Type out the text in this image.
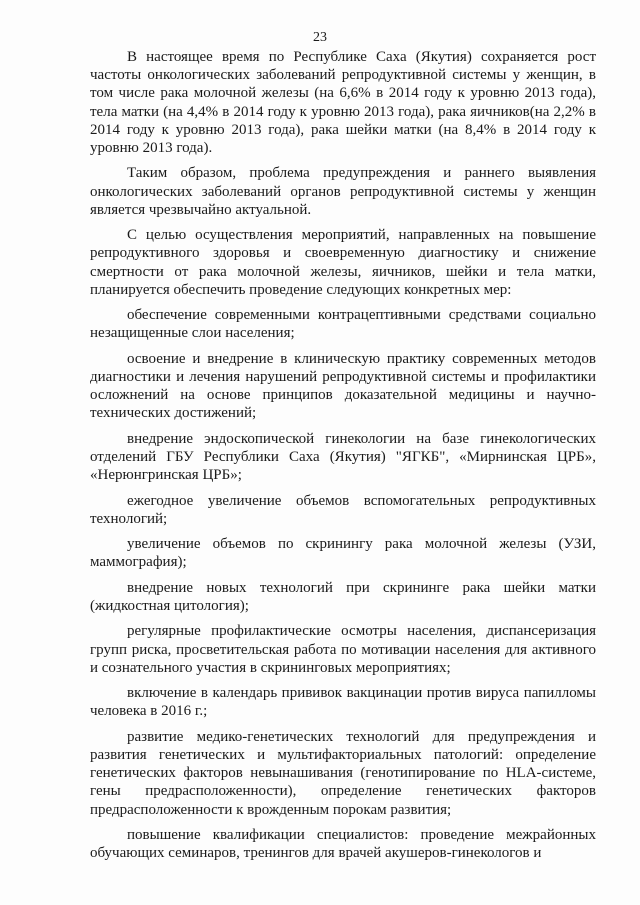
23

В настоящее время по Республике Саха (Якутия) сохраняется рост частоты онкологических заболеваний репродуктивной системы у женщин, в том числе рака молочной железы (на 6,6% в 2014 году к уровню 2013 года), тела матки (на 4,4% в 2014 году к уровню 2013 года), рака яичников(на 2,2% в 2014 году к уровню 2013 года), рака шейки матки (на 8,4% в 2014 году к уровню 2013 года).

Таким образом, проблема предупреждения и раннего выявления онкологических заболеваний органов репродуктивной системы у женщин является чрезвычайно актуальной.

С целью осуществления мероприятий, направленных на повышение репродуктивного здоровья и своевременную диагностику и снижение смертности от рака молочной железы, яичников, шейки и тела матки, планируется обеспечить проведение следующих конкретных мер:

обеспечение современными контрацептивными средствами социально незащищенные слои населения;

освоение и внедрение в клиническую практику современных методов диагностики и лечения нарушений репродуктивной системы и профилактики осложнений на основе принципов доказательной медицины и научно-технических достижений;

внедрение эндоскопической гинекологии на базе гинекологических отделений ГБУ Республики Саха (Якутия) "ЯГКБ", «Мирнинская ЦРБ», «Нерюнгринская ЦРБ»;

ежегодное увеличение объемов вспомогательных репродуктивных технологий;

увеличение объемов по скринингу рака молочной железы (УЗИ, маммография);

внедрение новых технологий при скрининге рака шейки матки (жидкостная цитология);

регулярные профилактические осмотры населения, диспансеризация групп риска, просветительская работа по мотивации населения для активного и сознательного участия в скрининговых мероприятиях;

включение в календарь прививок вакцинации против вируса папилломы человека в 2016 г.;

развитие медико-генетических технологий для предупреждения и развития генетических и мультифакториальных патологий: определение генетических факторов невынашивания (генотипирование по HLA-системе, гены предрасположенности), определение генетических факторов предрасположенности к врожденным порокам развития;

повышение квалификации специалистов: проведение межрайонных обучающих семинаров, тренингов для врачей акушеров-гинекологов и
